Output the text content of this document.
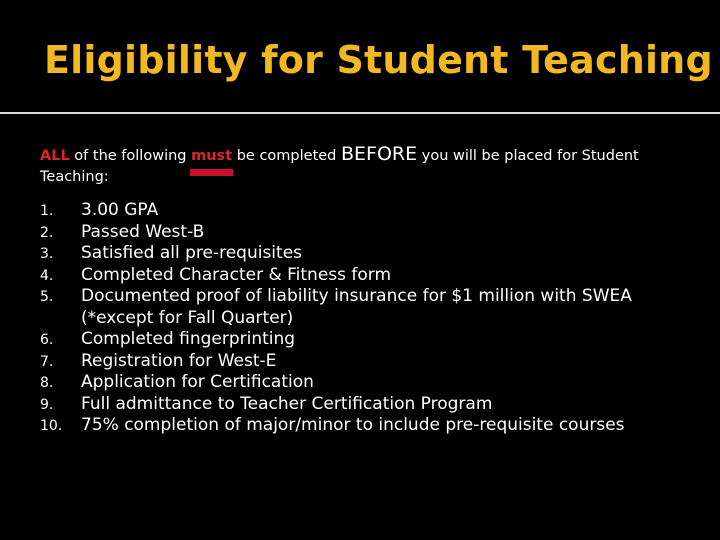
Eligibility for Student Teaching
ALL of the following must be completed BEFORE you will be placed for Student Teaching:
1. 3.00 GPA
2. Passed West-B
3. Satisfied all pre-requisites
4. Completed Character & Fitness form
5. Documented proof of liability insurance for $1 million with SWEA (*except for Fall Quarter)
6. Completed fingerprinting
7. Registration for West-E
8. Application for Certification
9. Full admittance to Teacher Certification Program
10. 75% completion of major/minor to include pre-requisite courses
